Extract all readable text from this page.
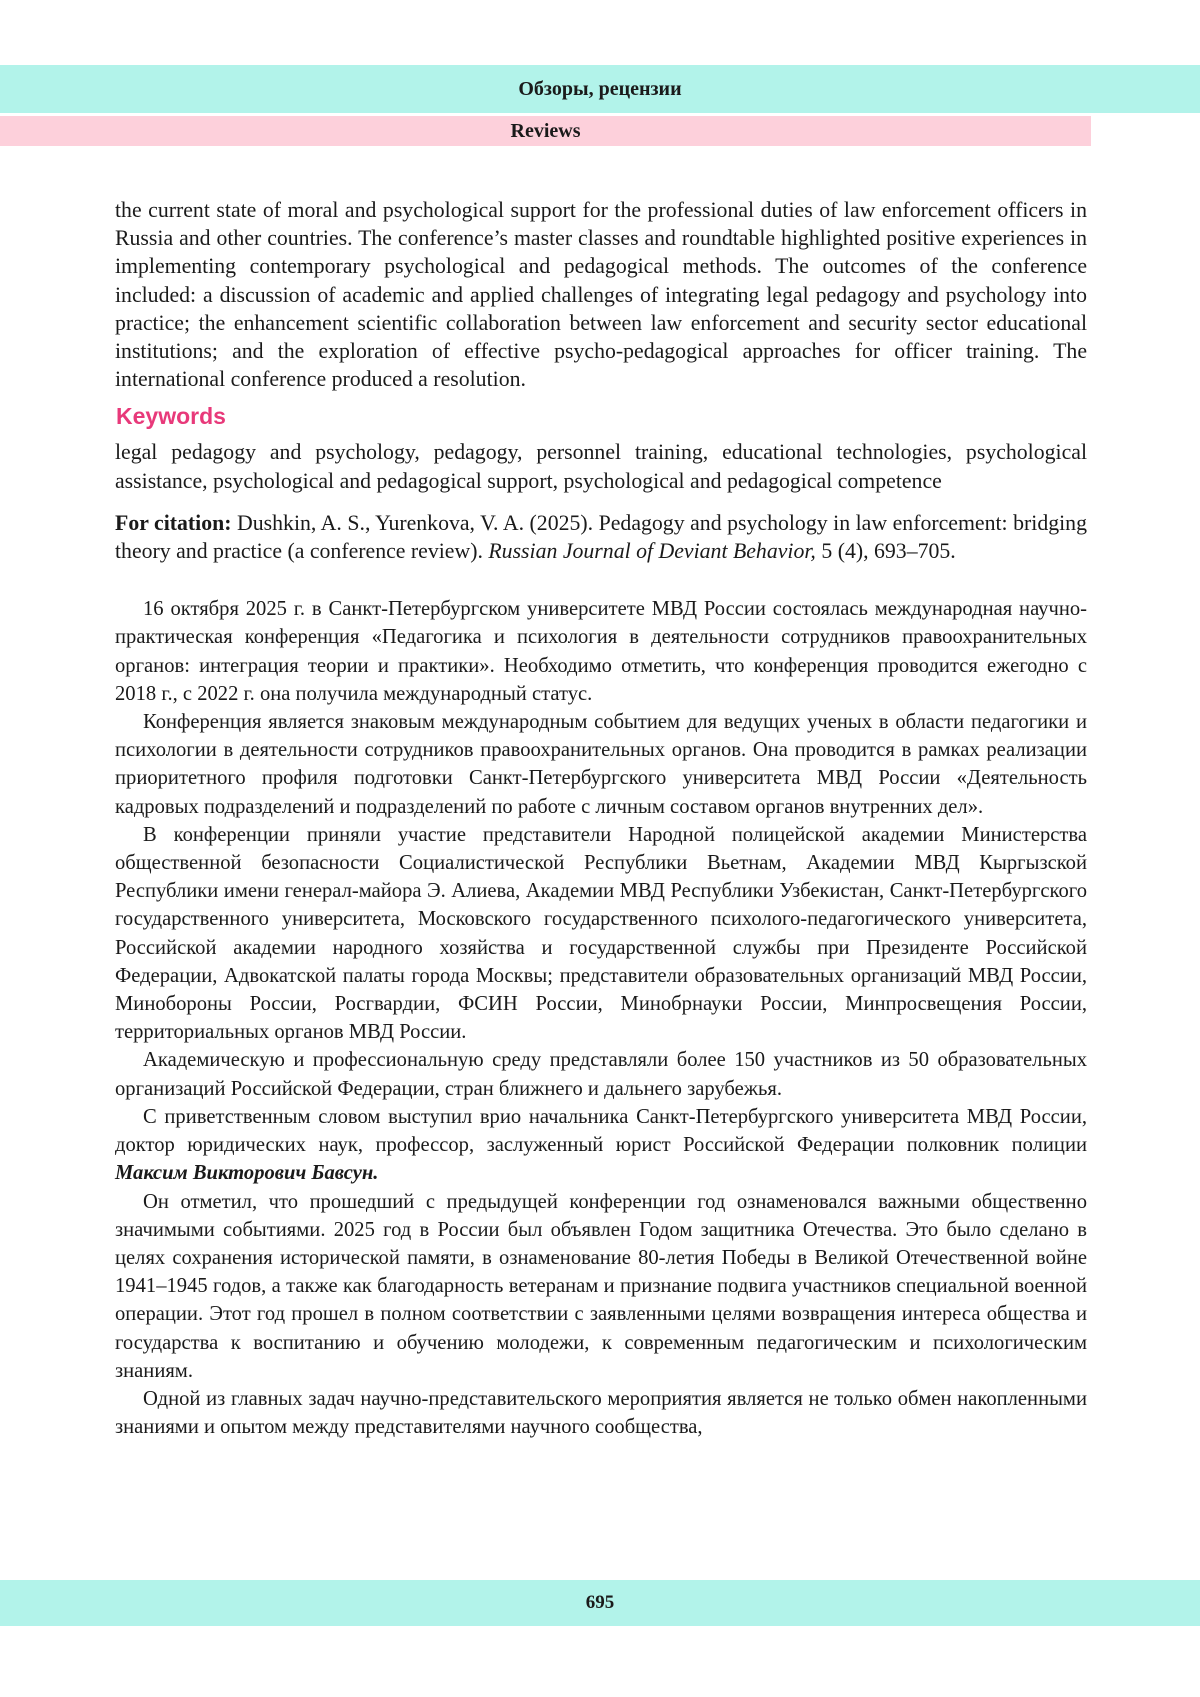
Обзоры, рецензии
Reviews

the current state of moral and psychological support for the professional duties of law enforcement officers in Russia and other countries. The conference’s master classes and roundtable highlighted positive experiences in implementing contemporary psychological and pedagogical methods. The outcomes of the conference included: a discussion of academic and applied challenges of integrating legal pedagogy and psychology into practice; the enhancement scientific collaboration between law enforcement and security sector educational institutions; and the exploration of effective psycho-pedagogical approaches for officer training. The international conference produced a resolution.

Keywords

legal pedagogy and psychology, pedagogy, personnel training, educational technologies, psychological assistance, psychological and pedagogical support, psychological and pedagogical competence

For citation: Dushkin, A. S., Yurenkova, V. A. (2025). Pedagogy and psychology in law enforcement: bridging theory and practice (a conference review). Russian Journal of Deviant Behavior, 5 (4), 693–705.

16 октября 2025 г. в Санкт-Петербургском университете МВД России состоялась международная научно-практическая конференция «Педагогика и психология в деятельности сотрудников правоохранительных органов: интеграция теории и практики». Необходимо отметить, что конференция проводится ежегодно с 2018 г., с 2022 г. она получила международный статус.

Конференция является знаковым международным событием для ведущих ученых в области педагогики и психологии в деятельности сотрудников правоохранительных органов. Она проводится в рамках реализации приоритетного профиля подготовки Санкт-Петербургского университета МВД России «Деятельность кадровых подразделений и подразделений по работе с личным составом органов внутренних дел».

В конференции приняли участие представители Народной полицейской академии Министерства общественной безопасности Социалистической Республики Вьетнам, Академии МВД Кыргызской Республики имени генерал-майора Э. Алиева, Академии МВД Республики Узбекистан, Санкт-Петербургского государственного университета, Московского государственного психолого-педагогического университета, Российской академии народного хозяйства и государственной службы при Президенте Российской Федерации, Адвокатской палаты города Москвы; представители образовательных организаций МВД России, Минобороны России, Росгвардии, ФСИН России, Минобрнауки России, Минпросвещения России, территориальных органов МВД России.

Академическую и профессиональную среду представляли более 150 участников из 50 образовательных организаций Российской Федерации, стран ближнего и дальнего зарубежья.

С приветственным словом выступил врио начальника Санкт-Петербургского университета МВД России, доктор юридических наук, профессор, заслуженный юрист Российской Федерации полковник полиции Максим Викторович Бавсун.

Он отметил, что прошедший с предыдущей конференции год ознаменовался важными общественно значимыми событиями. 2025 год в России был объявлен Годом защитника Отечества. Это было сделано в целях сохранения исторической памяти, в ознаменование 80-летия Победы в Великой Отечественной войне 1941–1945 годов, а также как благодарность ветеранам и признание подвига участников специальной военной операции. Этот год прошел в полном соответствии с заявленными целями возвращения интереса общества и государства к воспитанию и обучению молодежи, к современным педагогическим и психологическим знаниям.

Одной из главных задач научно-представительского мероприятия является не только обмен накопленными знаниями и опытом между представителями научного сообщества,

695
